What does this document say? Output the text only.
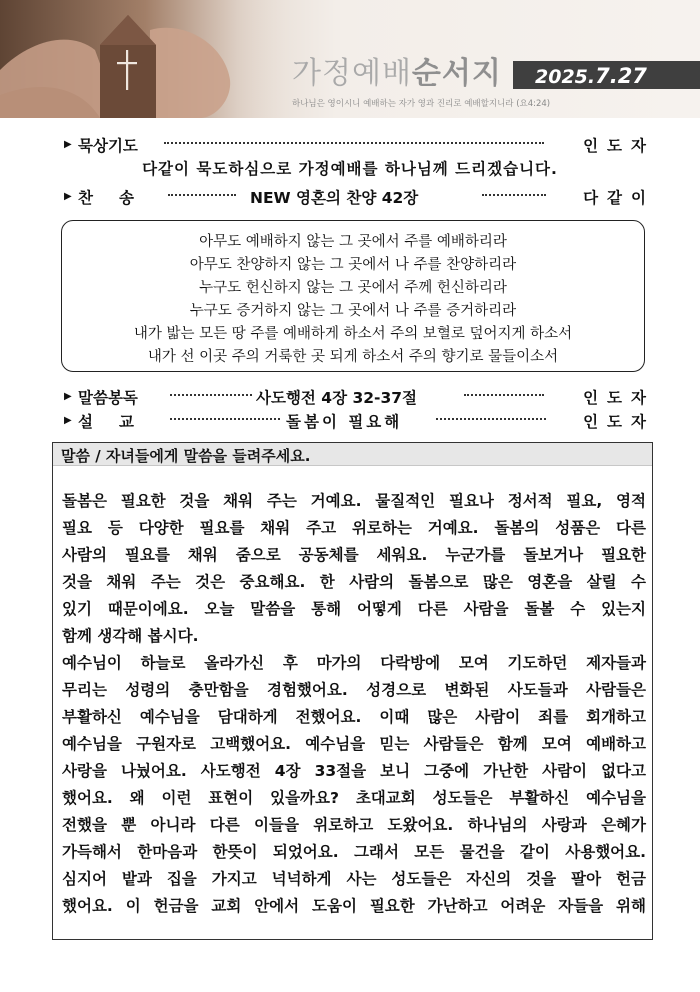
가정예배순서지 2025.7.27
하나님은 영이시니 예배하는 자가 영과 진리로 예배할지니라 (요4:24)
▶ 묵상기도	인도자
다같이 묵도하심으로 가정예배를 하나님께 드리겠습니다.
▶ 찬송	NEW 영혼의 찬양 42장	다같이
아무도 예배하지 않는 그 곳에서 주를 예배하리라
아무도 찬양하지 않는 그 곳에서 나 주를 찬양하리라
누구도 헌신하지 않는 그 곳에서 주께 헌신하리라
누구도 증거하지 않는 그 곳에서 나 주를 증거하리라
내가 밟는 모든 땅 주를 예배하게 하소서 주의 보혈로 덮어지게 하소서
내가 선 이곳 주의 거룩한 곳 되게 하소서 주의 향기로 물들이소서
▶ 말씀봉독	사도행전 4장 32-37절	인도자
▶ 설교	돌봄이 필요해	인도자
말씀 / 자녀들에게 말씀을 들려주세요.
돌봄은 필요한 것을 채워 주는 거예요. 물질적인 필요나 정서적 필요, 영적
필요 등 다양한 필요를 채워 주고 위로하는 거예요. 돌봄의 성품은 다른
사람의 필요를 채워 줌으로 공동체를 세워요. 누군가를 돌보거나 필요한
것을 채워 주는 것은 중요해요. 한 사람의 돌봄으로 많은 영혼을 살릴 수
있기 때문이에요. 오늘 말씀을 통해 어떻게 다른 사람을 돌볼 수 있는지
함께 생각해 봅시다.
예수님이 하늘로 올라가신 후 마가의 다락방에 모여 기도하던 제자들과
무리는 성령의 충만함을 경험했어요. 성경으로 변화된 사도들과 사람들은
부활하신 예수님을 담대하게 전했어요. 이때 많은 사람이 죄를 회개하고
예수님을 구원자로 고백했어요. 예수님을 믿는 사람들은 함께 모여 예배하고
사랑을 나눴어요. 사도행전 4장 33절을 보니 그중에 가난한 사람이 없다고
했어요. 왜 이런 표현이 있을까요? 초대교회 성도들은 부활하신 예수님을
전했을 뿐 아니라 다른 이들을 위로하고 도왔어요. 하나님의 사랑과 은혜가
가득해서 한마음과 한뜻이 되었어요. 그래서 모든 물건을 같이 사용했어요.
심지어 밭과 집을 가지고 넉넉하게 사는 성도들은 자신의 것을 팔아 헌금
했어요. 이 헌금을 교회 안에서 도움이 필요한 가난하고 어려운 자들을 위해
